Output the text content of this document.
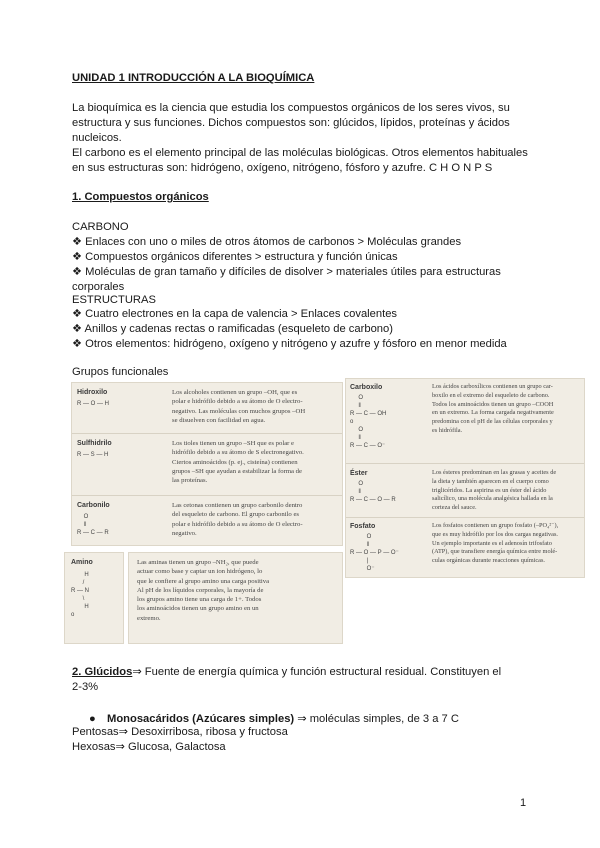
UNIDAD 1 INTRODUCCIÓN A LA BIOQUÍMICA
La bioquímica es la ciencia que estudia los compuestos orgánicos de los seres vivos, su
estructura y sus funciones. Dichos compuestos son: glúcidos, lípidos, proteínas y ácidos
nucleicos.
El carbono es el elemento principal de las moléculas biológicas. Otros elementos habituales
en sus estructuras son: hidrógeno, oxígeno, nitrógeno, fósforo y azufre. C H O N P S
1. Compuestos orgánicos
CARBONO
❖ Enlaces con uno o miles de otros átomos de carbonos > Moléculas grandes
❖ Compuestos orgánicos diferentes > estructura y función únicas
❖ Moléculas de gran tamaño y difíciles de disolver > materiales útiles para estructuras
corporales
ESTRUCTURAS
❖ Cuatro electrones en la capa de valencia > Enlaces covalentes
❖ Anillos y cadenas rectas o ramificadas (esqueleto de carbono)
❖ Otros elementos: hidrógeno, oxígeno y nitrógeno y azufre y fósforo en menor medida
Grupos funcionales
Hidroxilo
R — O — H
Los alcoholes contienen un grupo –OH, que es
polar e hidrófilo debido a su átomo de O electro-
negativo. Las moléculas con muchos grupos –OH
se disuelven con facilidad en agua.
Sulfhidrilo
R — S — H
Los tioles tienen un grupo –SH que es polar e
hidrófilo debido a su átomo de S electronegativo.
Ciertos aminoácidos (p. ej., cisteína) contienen
grupos –SH que ayudan a estabilizar la forma de
las proteínas.
Carbonilo
O
‖
R — C — R
Las cetonas contienen un grupo carbonilo dentro
del esqueleto de carbono. El grupo carbonilo es
polar e hidrófilo debido a su átomo de O electro-
negativo.
Amino
H
/
R — N
\
H
o
Las aminas tienen un grupo –NH₂, que puede
actuar como base y captar un ion hidrógeno, lo
que le confiere al grupo amino una carga positiva
Al pH de los líquidos corporales, la mayoría de
los grupos amino tiene una carga de 1+. Todos
los aminoácidos tienen un grupo amino en un
extremo.
Carboxilo
O
‖
R — C — OH
o
O
‖
R — C — O⁻
Los ácidos carboxílicos contienen un grupo car-
boxilo en el extremo del esqueleto de carbono.
Todos los aminoácidos tienen un grupo –COOH
en un extremo. La forma cargada negativamente
predomina con el pH de las células corporales y
es hidrófila.
Éster
O
‖
R — C — O — R
Los ésteres predominan en las grasas y aceites de
la dieta y también aparecen en el cuerpo como
triglicéridos. La aspirina es un éster del ácido
salicílico, una molécula analgésica hallada en la
corteza del sauce.
Fosfato
O
‖
R — O — P — O⁻
|
O⁻
Los fosfatos contienen un grupo fosfato (–PO₄²⁻),
que es muy hidrófilo por los dos cargas negativas.
Un ejemplo importante es el adenosín trifosfato
(ATP), que transfiere energía química entre molé-
culas orgánicas durante reacciones químicas.
2. Glúcidos⇒ Fuente de energía química y función estructural residual. Constituyen el
2-3%
● Monosacáridos (Azúcares simples) ⇒ moléculas simples, de 3 a 7 C
Pentosas⇒ Desoxirribosa, ribosa y fructosa
Hexosas⇒ Glucosa, Galactosa
1
